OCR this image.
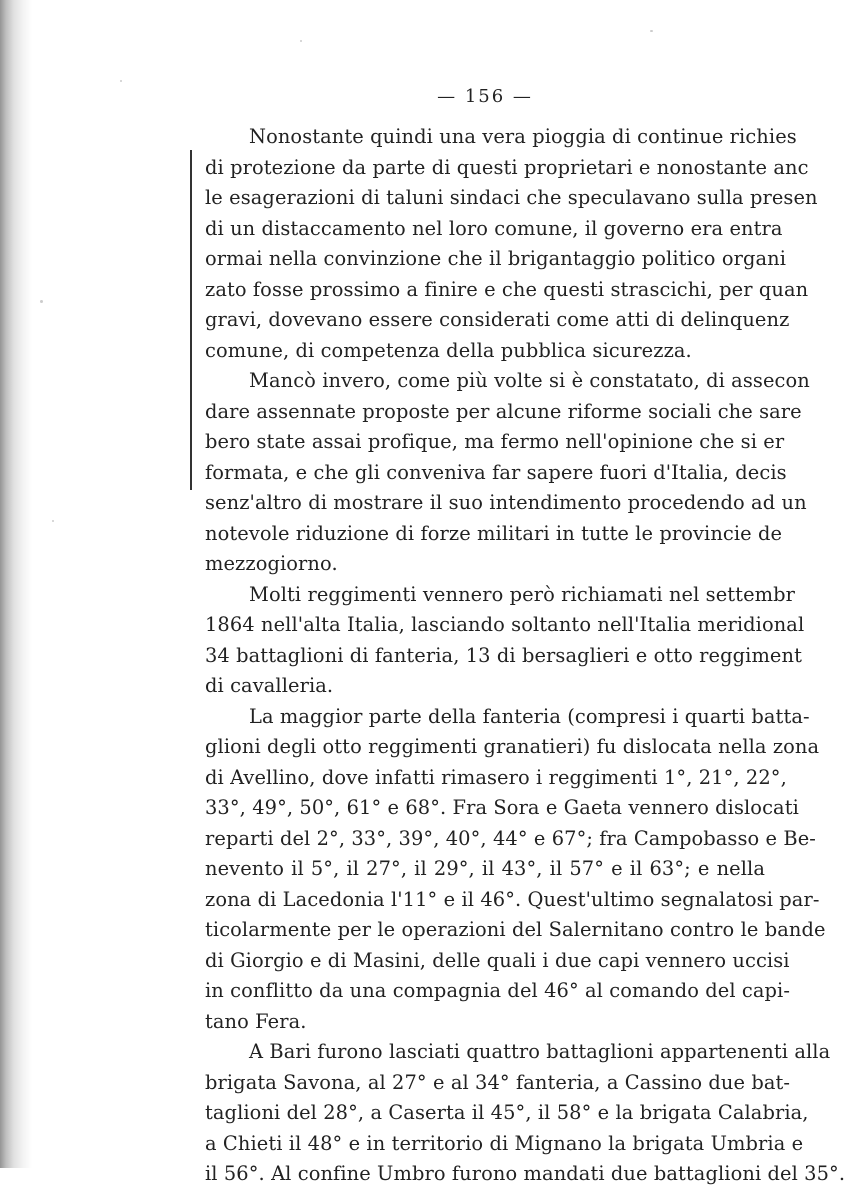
— 156 —
Nonostante quindi una vera pioggia di continue richies
di protezione da parte di questi proprietari e nonostante anc
le esagerazioni di taluni sindaci che speculavano sulla presen
di un distaccamento nel loro comune, il governo era entra
ormai nella convinzione che il brigantaggio politico organi
zato fosse prossimo a finire e che questi strascichi, per quan
gravi, dovevano essere considerati come atti di delinquenz
comune, di competenza della pubblica sicurezza.
Mancò invero, come più volte si è constatato, di assecon
dare assennate proposte per alcune riforme sociali che sare
bero state assai profique, ma fermo nell'opinione che si er
formata, e che gli conveniva far sapere fuori d'Italia, decis
senz'altro di mostrare il suo intendimento procedendo ad un
notevole riduzione di forze militari in tutte le provincie de
mezzogiorno.
Molti reggimenti vennero però richiamati nel settembr
1864 nell'alta Italia, lasciando soltanto nell'Italia meridional
34 battaglioni di fanteria, 13 di bersaglieri e otto reggiment
di cavalleria.
La maggior parte della fanteria (compresi i quarti batta-
glioni degli otto reggimenti granatieri) fu dislocata nella zona
di Avellino, dove infatti rimasero i reggimenti 1°, 21°, 22°,
33°, 49°, 50°, 61° e 68°. Fra Sora e Gaeta vennero dislocati
reparti del 2°, 33°, 39°, 40°, 44° e 67°; fra Campobasso e Be-
nevento il 5°, il 27°, il 29°, il 43°, il 57° e il 63°; e nella
zona di Lacedonia l'11° e il 46°. Quest'ultimo segnalatosi par-
ticolarmente per le operazioni del Salernitano contro le bande
di Giorgio e di Masini, delle quali i due capi vennero uccisi
in conflitto da una compagnia del 46° al comando del capi-
tano Fera.
A Bari furono lasciati quattro battaglioni appartenenti alla
brigata Savona, al 27° e al 34° fanteria, a Cassino due bat-
taglioni del 28°, a Caserta il 45°, il 58° e la brigata Calabria,
a Chieti il 48° e in territorio di Mignano la brigata Umbria e
il 56°. Al confine Umbro furono mandati due battaglioni del 35°.
